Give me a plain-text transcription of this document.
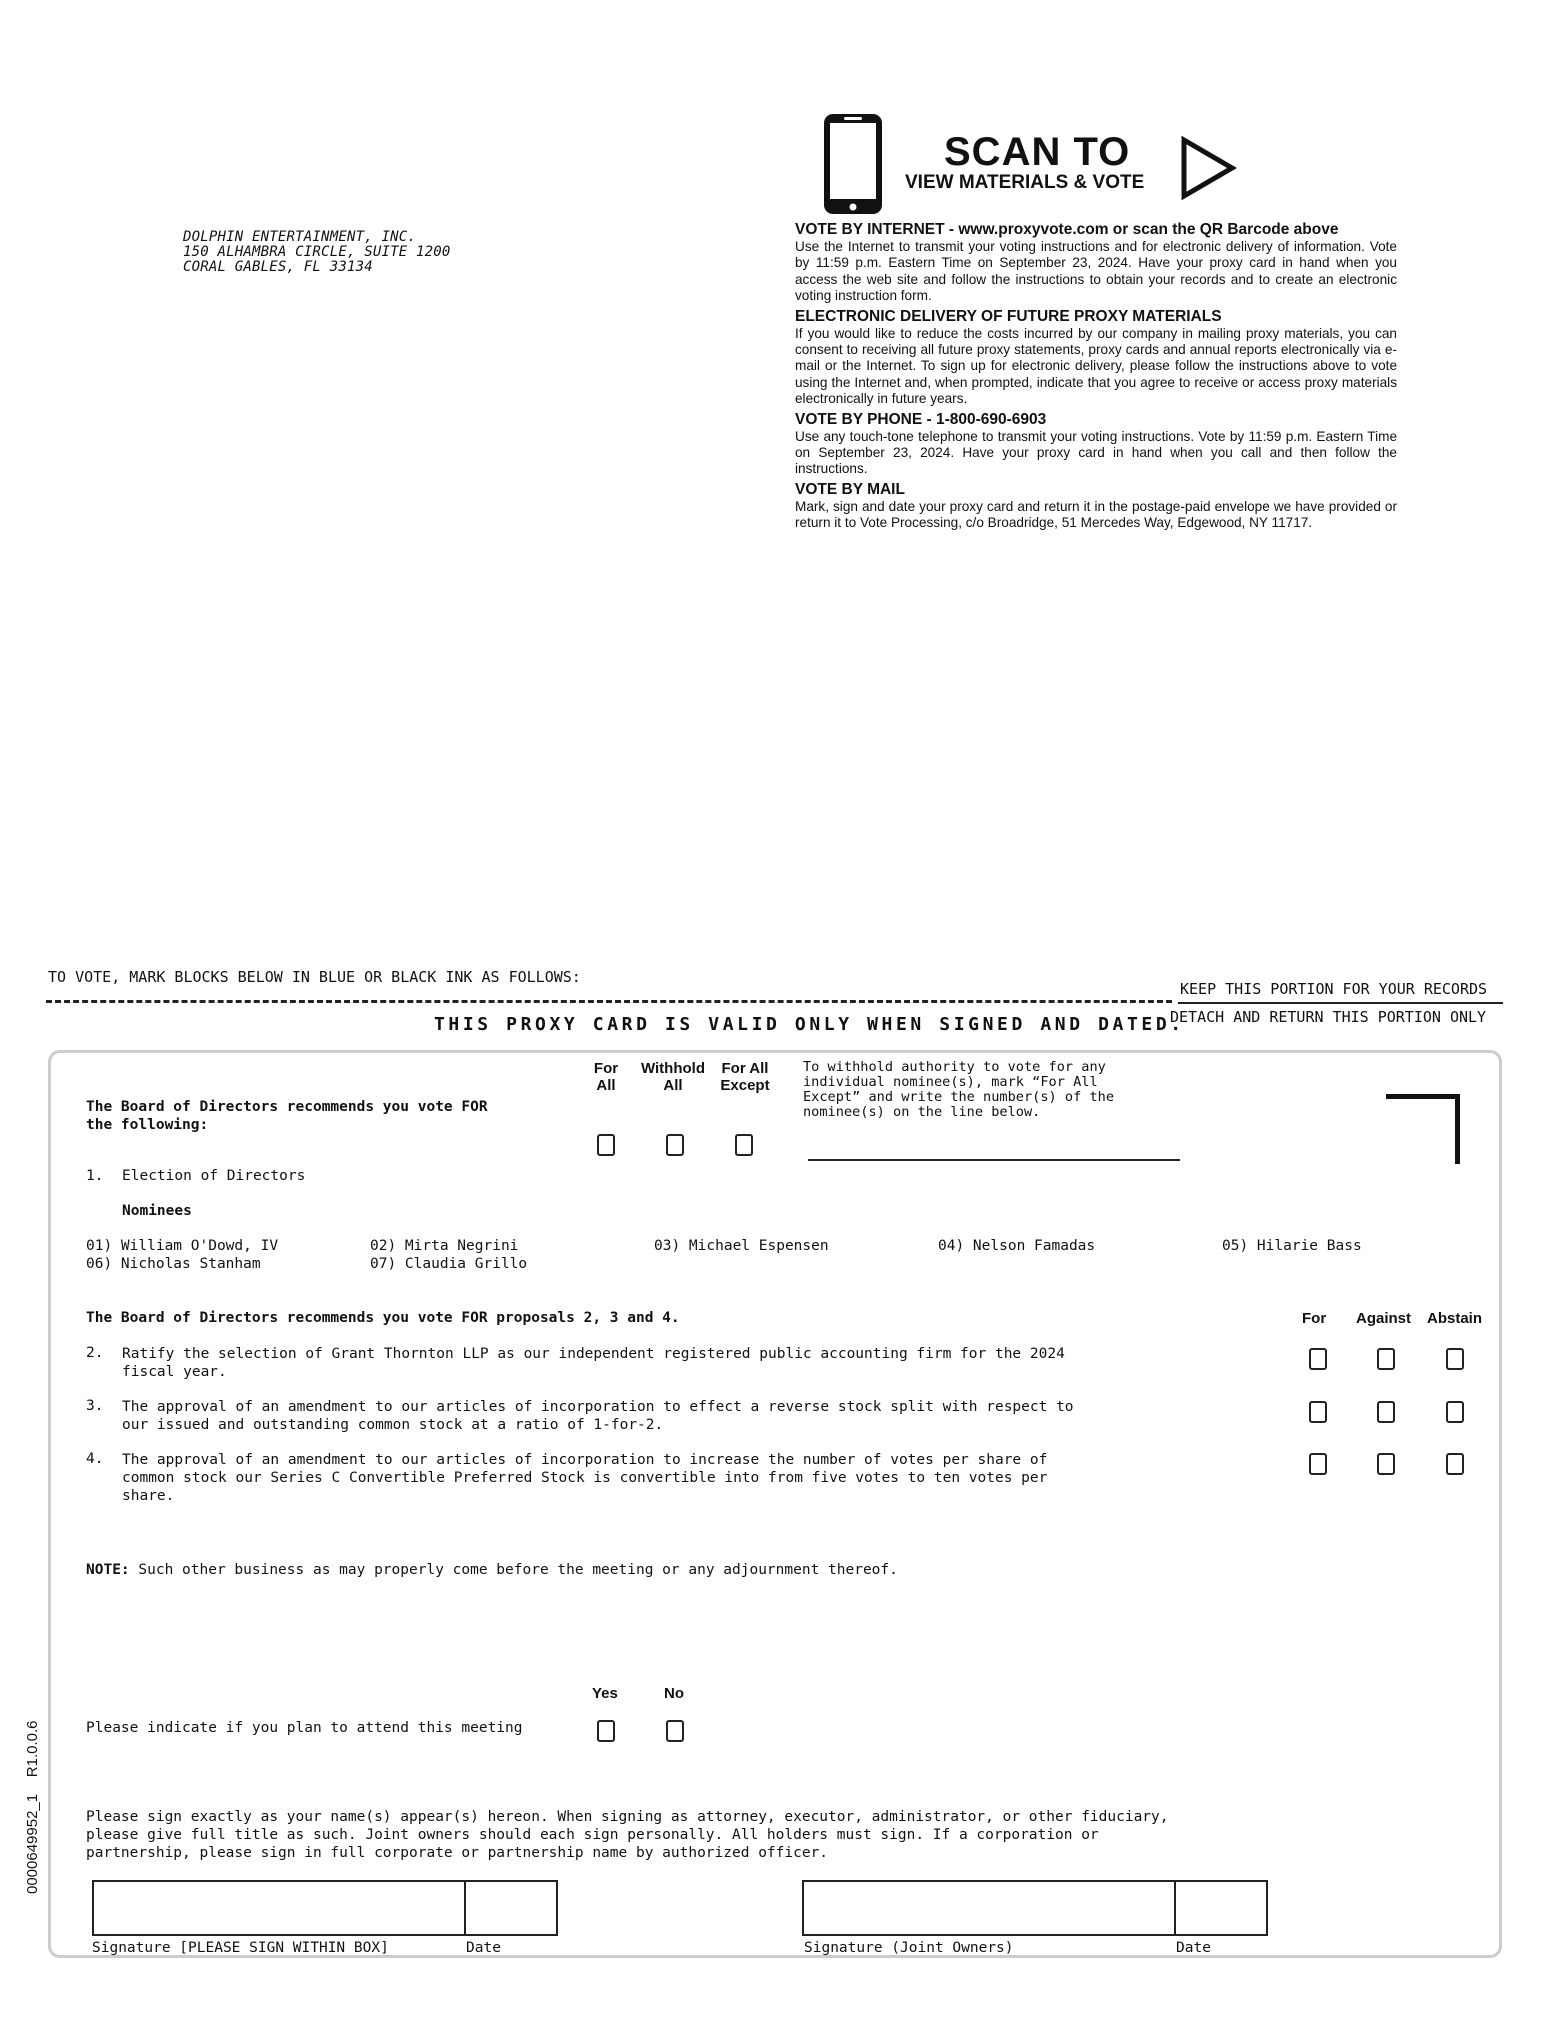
DOLPHIN ENTERTAINMENT, INC.
150 ALHAMBRA CIRCLE, SUITE 1200
CORAL GABLES, FL 33134
SCAN TO
VIEW MATERIALS & VOTE
VOTE BY INTERNET - www.proxyvote.com or scan the QR Barcode above

Use the Internet to transmit your voting instructions and for electronic delivery of information. Vote by 11:59 p.m. Eastern Time on September 23, 2024. Have your proxy card in hand when you access the web site and follow the instructions to obtain your records and to create an electronic voting instruction form.

ELECTRONIC DELIVERY OF FUTURE PROXY MATERIALS

If you would like to reduce the costs incurred by our company in mailing proxy materials, you can consent to receiving all future proxy statements, proxy cards and annual reports electronically via e-mail or the Internet. To sign up for electronic delivery, please follow the instructions above to vote using the Internet and, when prompted, indicate that you agree to receive or access proxy materials electronically in future years.

VOTE BY PHONE - 1-800-690-6903

Use any touch-tone telephone to transmit your voting instructions. Vote by 11:59 p.m. Eastern Time on September 23, 2024. Have your proxy card in hand when you call and then follow the instructions.

VOTE BY MAIL

Mark, sign and date your proxy card and return it in the postage-paid envelope we have provided or return it to Vote Processing, c/o Broadridge, 51 Mercedes Way, Edgewood, NY 11717.

TO VOTE, MARK BLOCKS BELOW IN BLUE OR BLACK INK AS FOLLOWS:
KEEP THIS PORTION FOR YOUR RECORDS
DETACH AND RETURN THIS PORTION ONLY
THIS PROXY CARD IS VALID ONLY WHEN SIGNED AND DATED.
The Board of Directors recommends you vote FOR
the following:
For
All
Withhold
All
For All
Except
To withhold authority to vote for any
individual nominee(s), mark “For All
Except” and write the number(s) of the
nominee(s) on the line below.
1. Election of Directors
Nominees
01) William O'Dowd, IV	02) Mirta Negrini	03) Michael Espensen	04) Nelson Famadas	05) Hilarie Bass
06) Nicholas Stanham	07) Claudia Grillo
The Board of Directors recommends you vote FOR proposals 2, 3 and 4.	For Against Abstain
2. Ratify the selection of Grant Thornton LLP as our independent registered public accounting firm for the 2024
fiscal year.
3. The approval of an amendment to our articles of incorporation to effect a reverse stock split with respect to
our issued and outstanding common stock at a ratio of 1-for-2.
4. The approval of an amendment to our articles of incorporation to increase the number of votes per share of
common stock our Series C Convertible Preferred Stock is convertible into from five votes to ten votes per
share.
NOTE: Such other business as may properly come before the meeting or any adjournment thereof.
Yes	No
Please indicate if you plan to attend this meeting
Please sign exactly as your name(s) appear(s) hereon. When signing as attorney, executor, administrator, or other fiduciary,
please give full title as such. Joint owners should each sign personally. All holders must sign. If a corporation or
partnership, please sign in full corporate or partnership name by authorized officer.
Signature [PLEASE SIGN WITHIN BOX]	Date	Signature (Joint Owners)	Date
0000649952_1    R1.0.0.6
